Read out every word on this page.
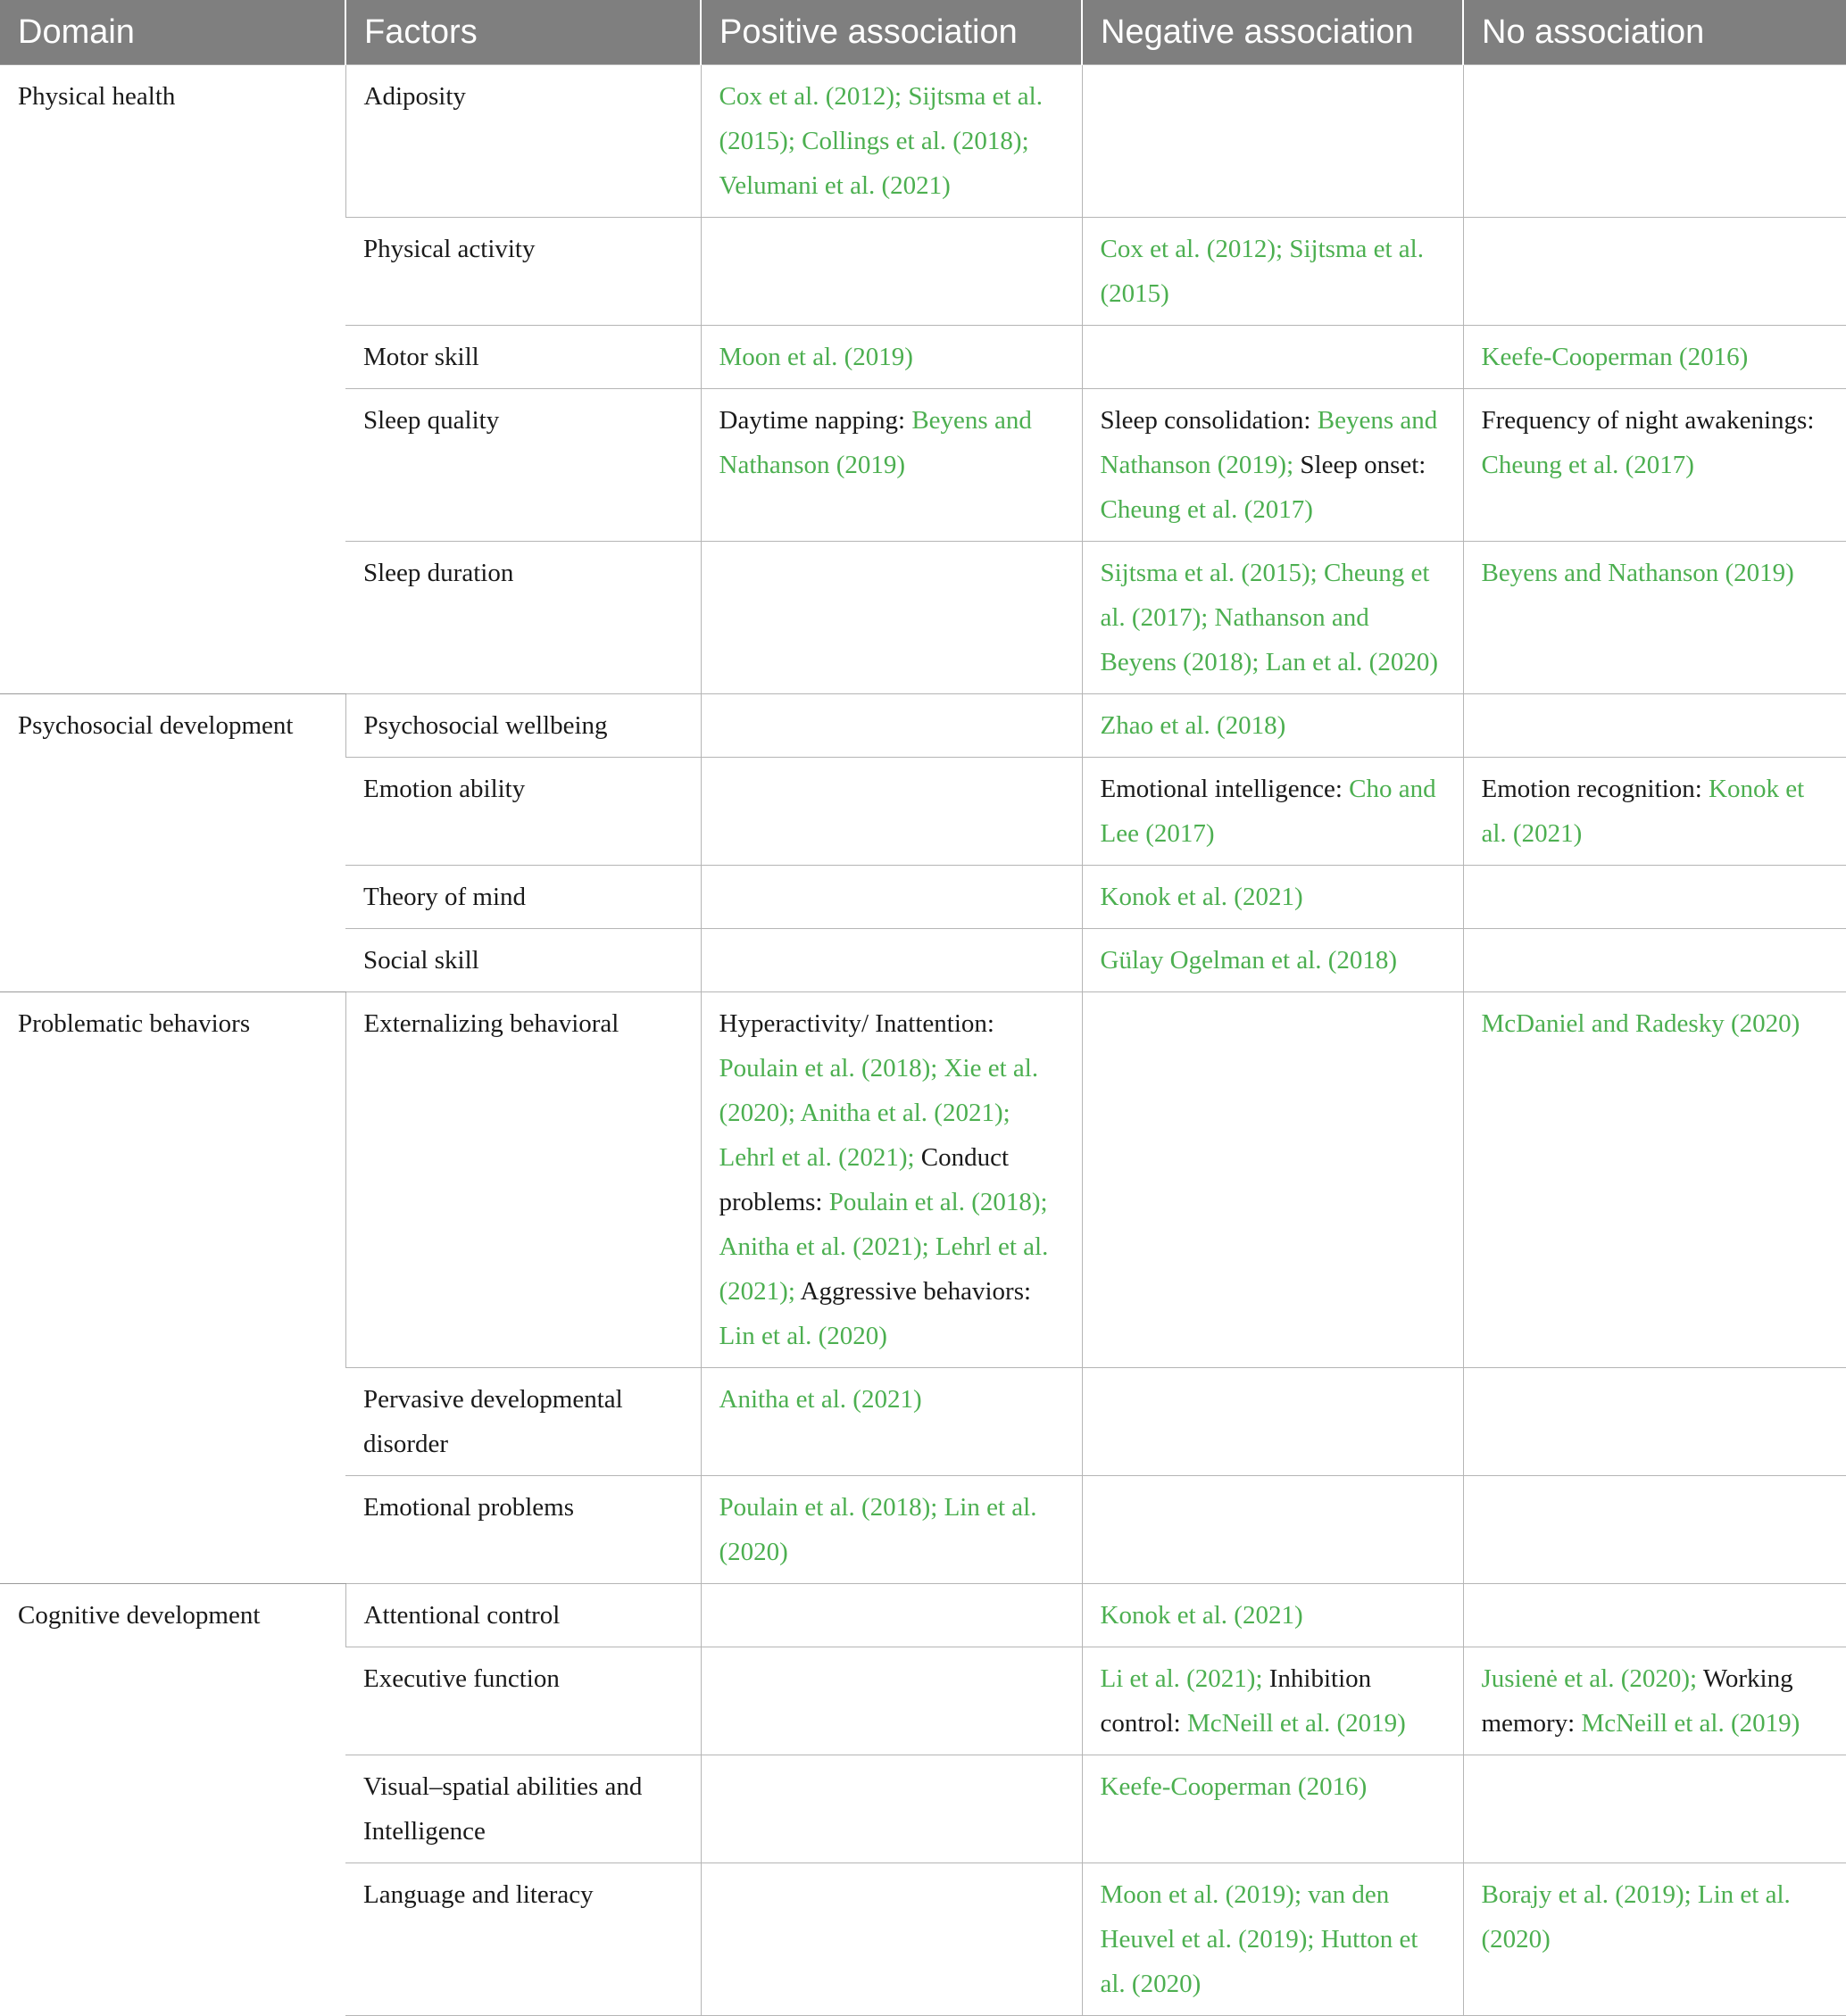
Domain	Factors	Positive association	Negative association	No association
Physical health	Adiposity	Cox et al. (2012); Sijtsma et al. (2015); Collings et al. (2018); Velumani et al. (2021)		
	Physical activity		Cox et al. (2012); Sijtsma et al. (2015)	
	Motor skill	Moon et al. (2019)		Keefe-Cooperman (2016)
	Sleep quality	Daytime napping: Beyens and Nathanson (2019)	Sleep consolidation: Beyens and Nathanson (2019); Sleep onset: Cheung et al. (2017)	Frequency of night awakenings: Cheung et al. (2017)
	Sleep duration		Sijtsma et al. (2015); Cheung et al. (2017); Nathanson and Beyens (2018); Lan et al. (2020)	Beyens and Nathanson (2019)
Psychosocial development	Psychosocial wellbeing		Zhao et al. (2018)	
	Emotion ability		Emotional intelligence: Cho and Lee (2017)	Emotion recognition: Konok et al. (2021)
	Theory of mind		Konok et al. (2021)	
	Social skill		Gülay Ogelman et al. (2018)	
Problematic behaviors	Externalizing behavioral	Hyperactivity/ Inattention: Poulain et al. (2018); Xie et al. (2020); Anitha et al. (2021); Lehrl et al. (2021); Conduct problems: Poulain et al. (2018); Anitha et al. (2021); Lehrl et al. (2021); Aggressive behaviors: Lin et al. (2020)		McDaniel and Radesky (2020)
	Pervasive developmental disorder	Anitha et al. (2021)		
	Emotional problems	Poulain et al. (2018); Lin et al. (2020)		
Cognitive development	Attentional control		Konok et al. (2021)	
	Executive function		Li et al. (2021); Inhibition control: McNeill et al. (2019)	Jusienė et al. (2020); Working memory: McNeill et al. (2019)
	Visual–spatial abilities and Intelligence		Keefe-Cooperman (2016)	
	Language and literacy		Moon et al. (2019); van den Heuvel et al. (2019); Hutton et al. (2020)	Borajy et al. (2019); Lin et al. (2020)
